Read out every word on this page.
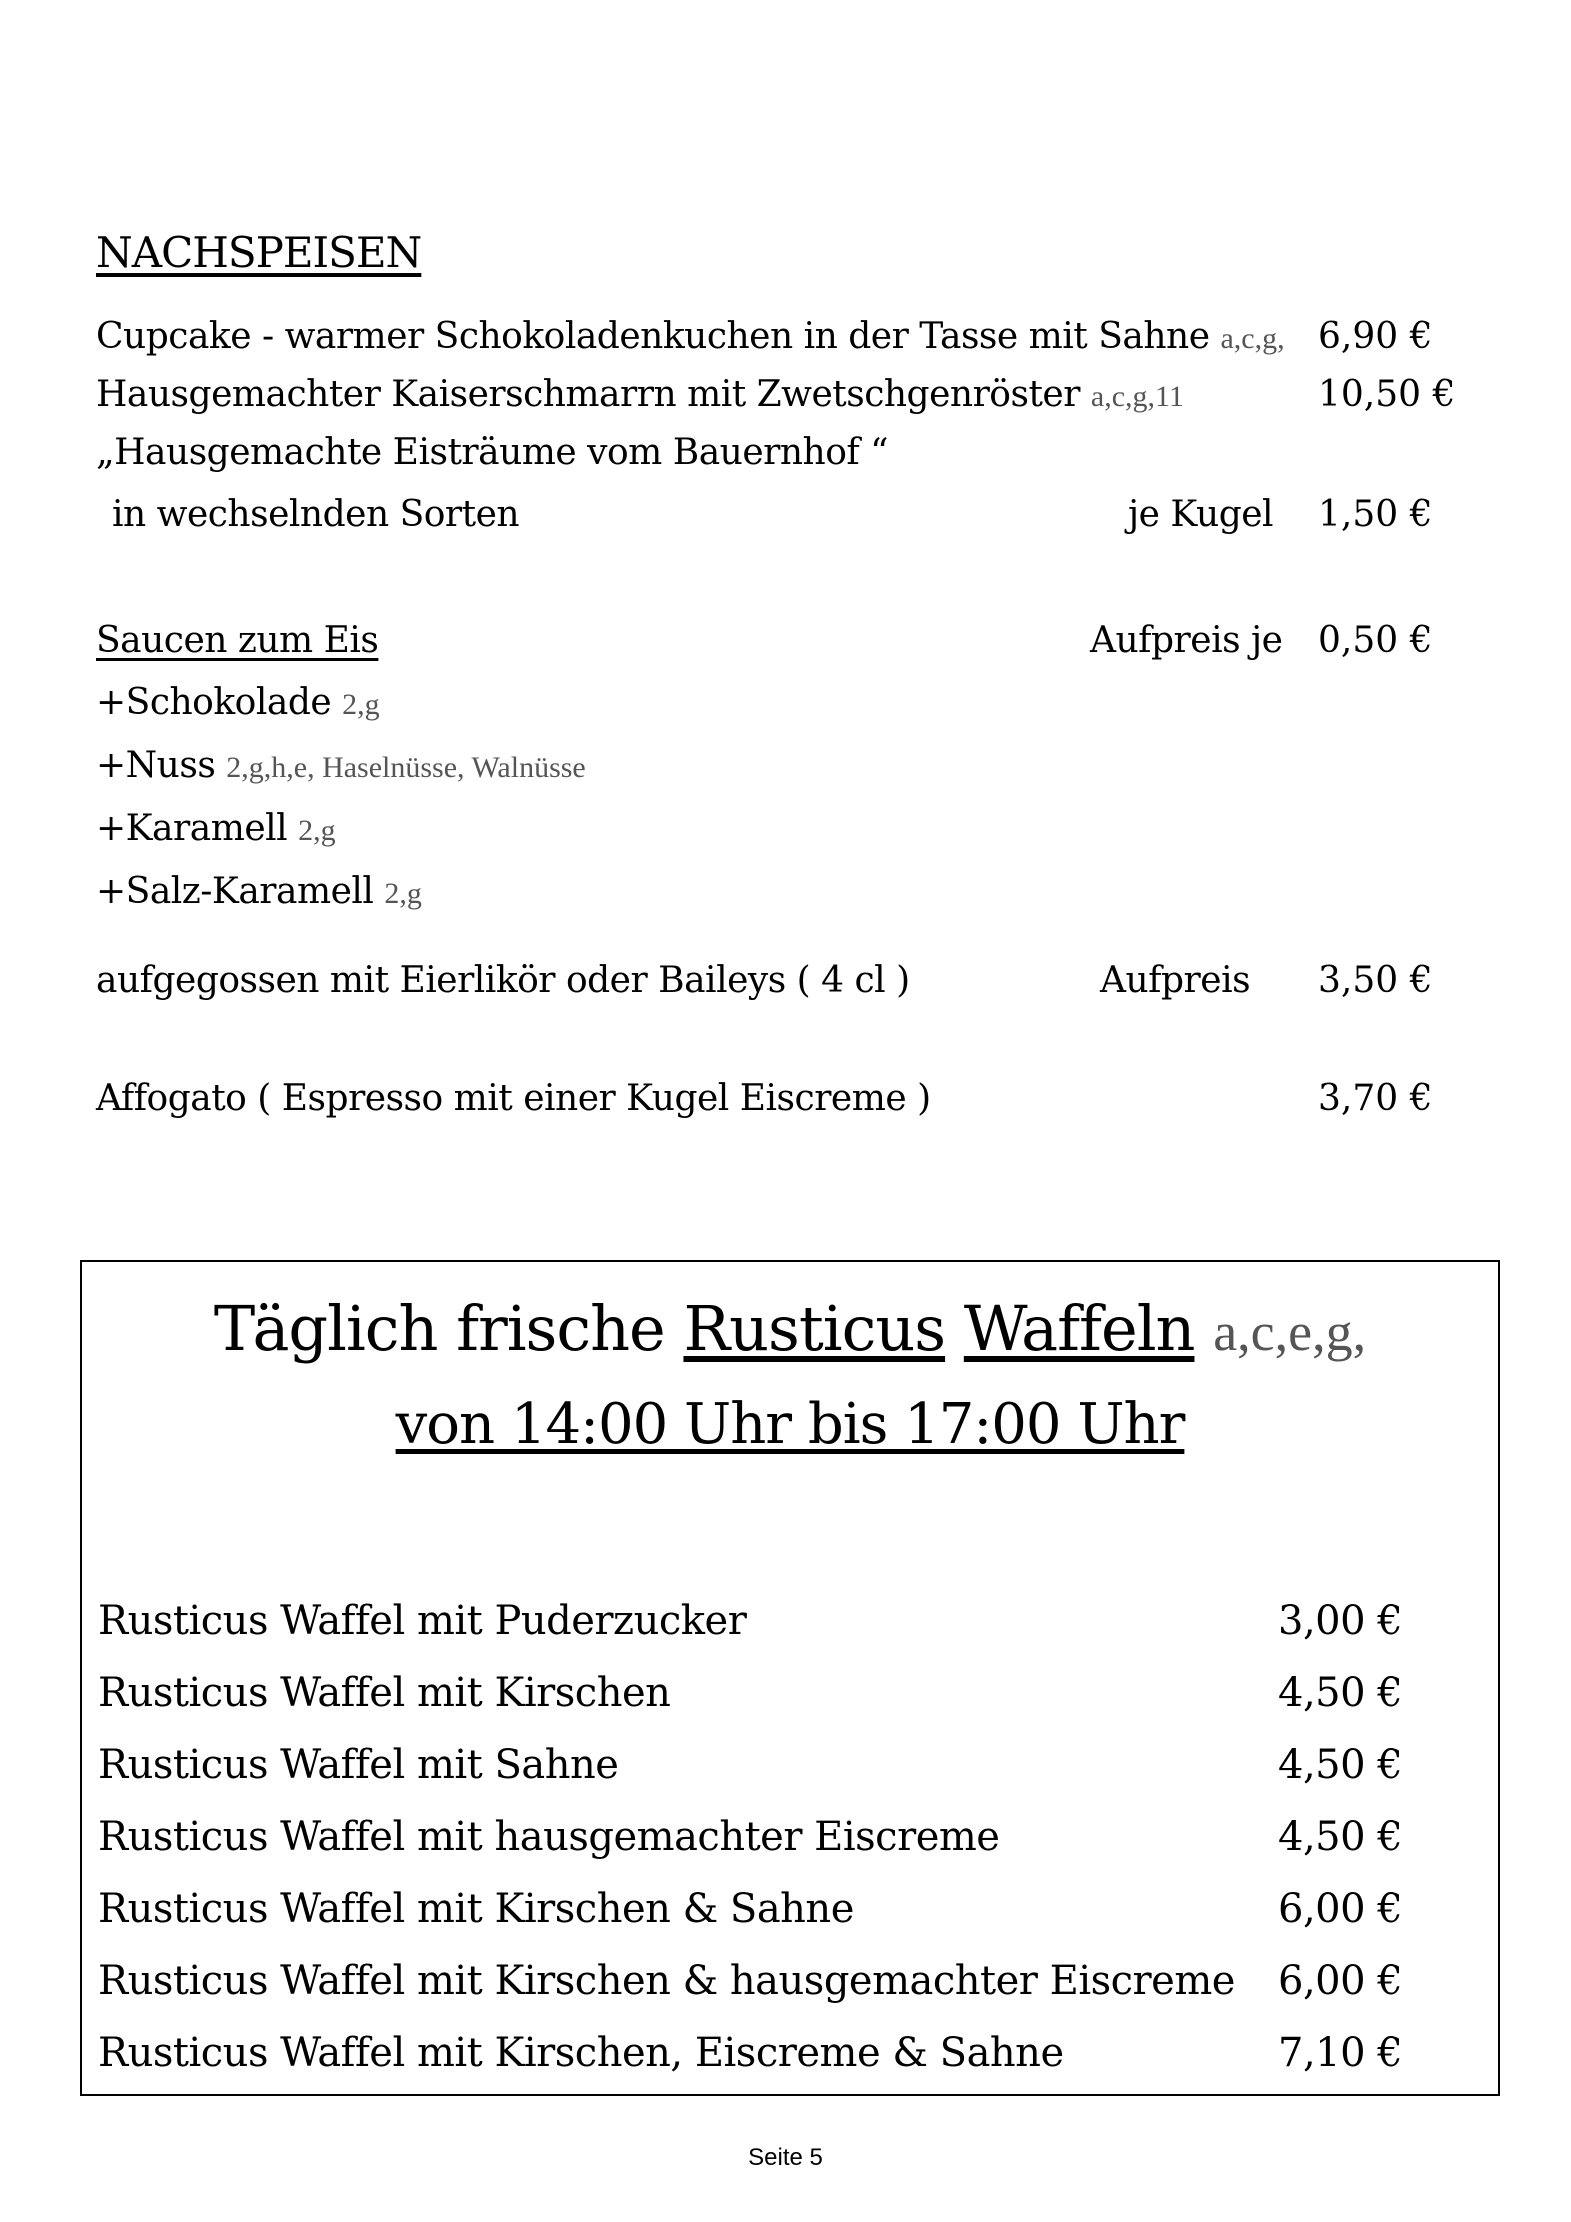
NACHSPEISEN
Cupcake - warmer Schokoladenkuchen in der Tasse mit Sahne a,c,g, 6,90 €
Hausgemachter Kaiserschmarrn mit Zwetschgenröster a,c,g,11	10,50 €
„Hausgemachte Eisträume vom Bauernhof “
in wechselnden Sorten	je Kugel 1,50 €
Saucen zum Eis	Aufpreis je 0,50 €
+Schokolade 2,g
+Nuss 2,g,h,e, Haselnüsse, Walnüsse
+Karamell 2,g
+Salz-Karamell 2,g
aufgegossen mit Eierlikör oder Baileys ( 4 cl )	Aufpreis 3,50 €
Affogato ( Espresso mit einer Kugel Eiscreme )	3,70 €
Täglich frische Rusticus Waffeln a,c,e,g,
von 14:00 Uhr bis 17:00 Uhr
Rusticus Waffel mit Puderzucker	3,00 €
Rusticus Waffel mit Kirschen	4,50 €
Rusticus Waffel mit Sahne	4,50 €
Rusticus Waffel mit hausgemachter Eiscreme	4,50 €
Rusticus Waffel mit Kirschen & Sahne	6,00 €
Rusticus Waffel mit Kirschen & hausgemachter Eiscreme 6,00 €
Rusticus Waffel mit Kirschen, Eiscreme & Sahne	7,10 €
Seite 5
